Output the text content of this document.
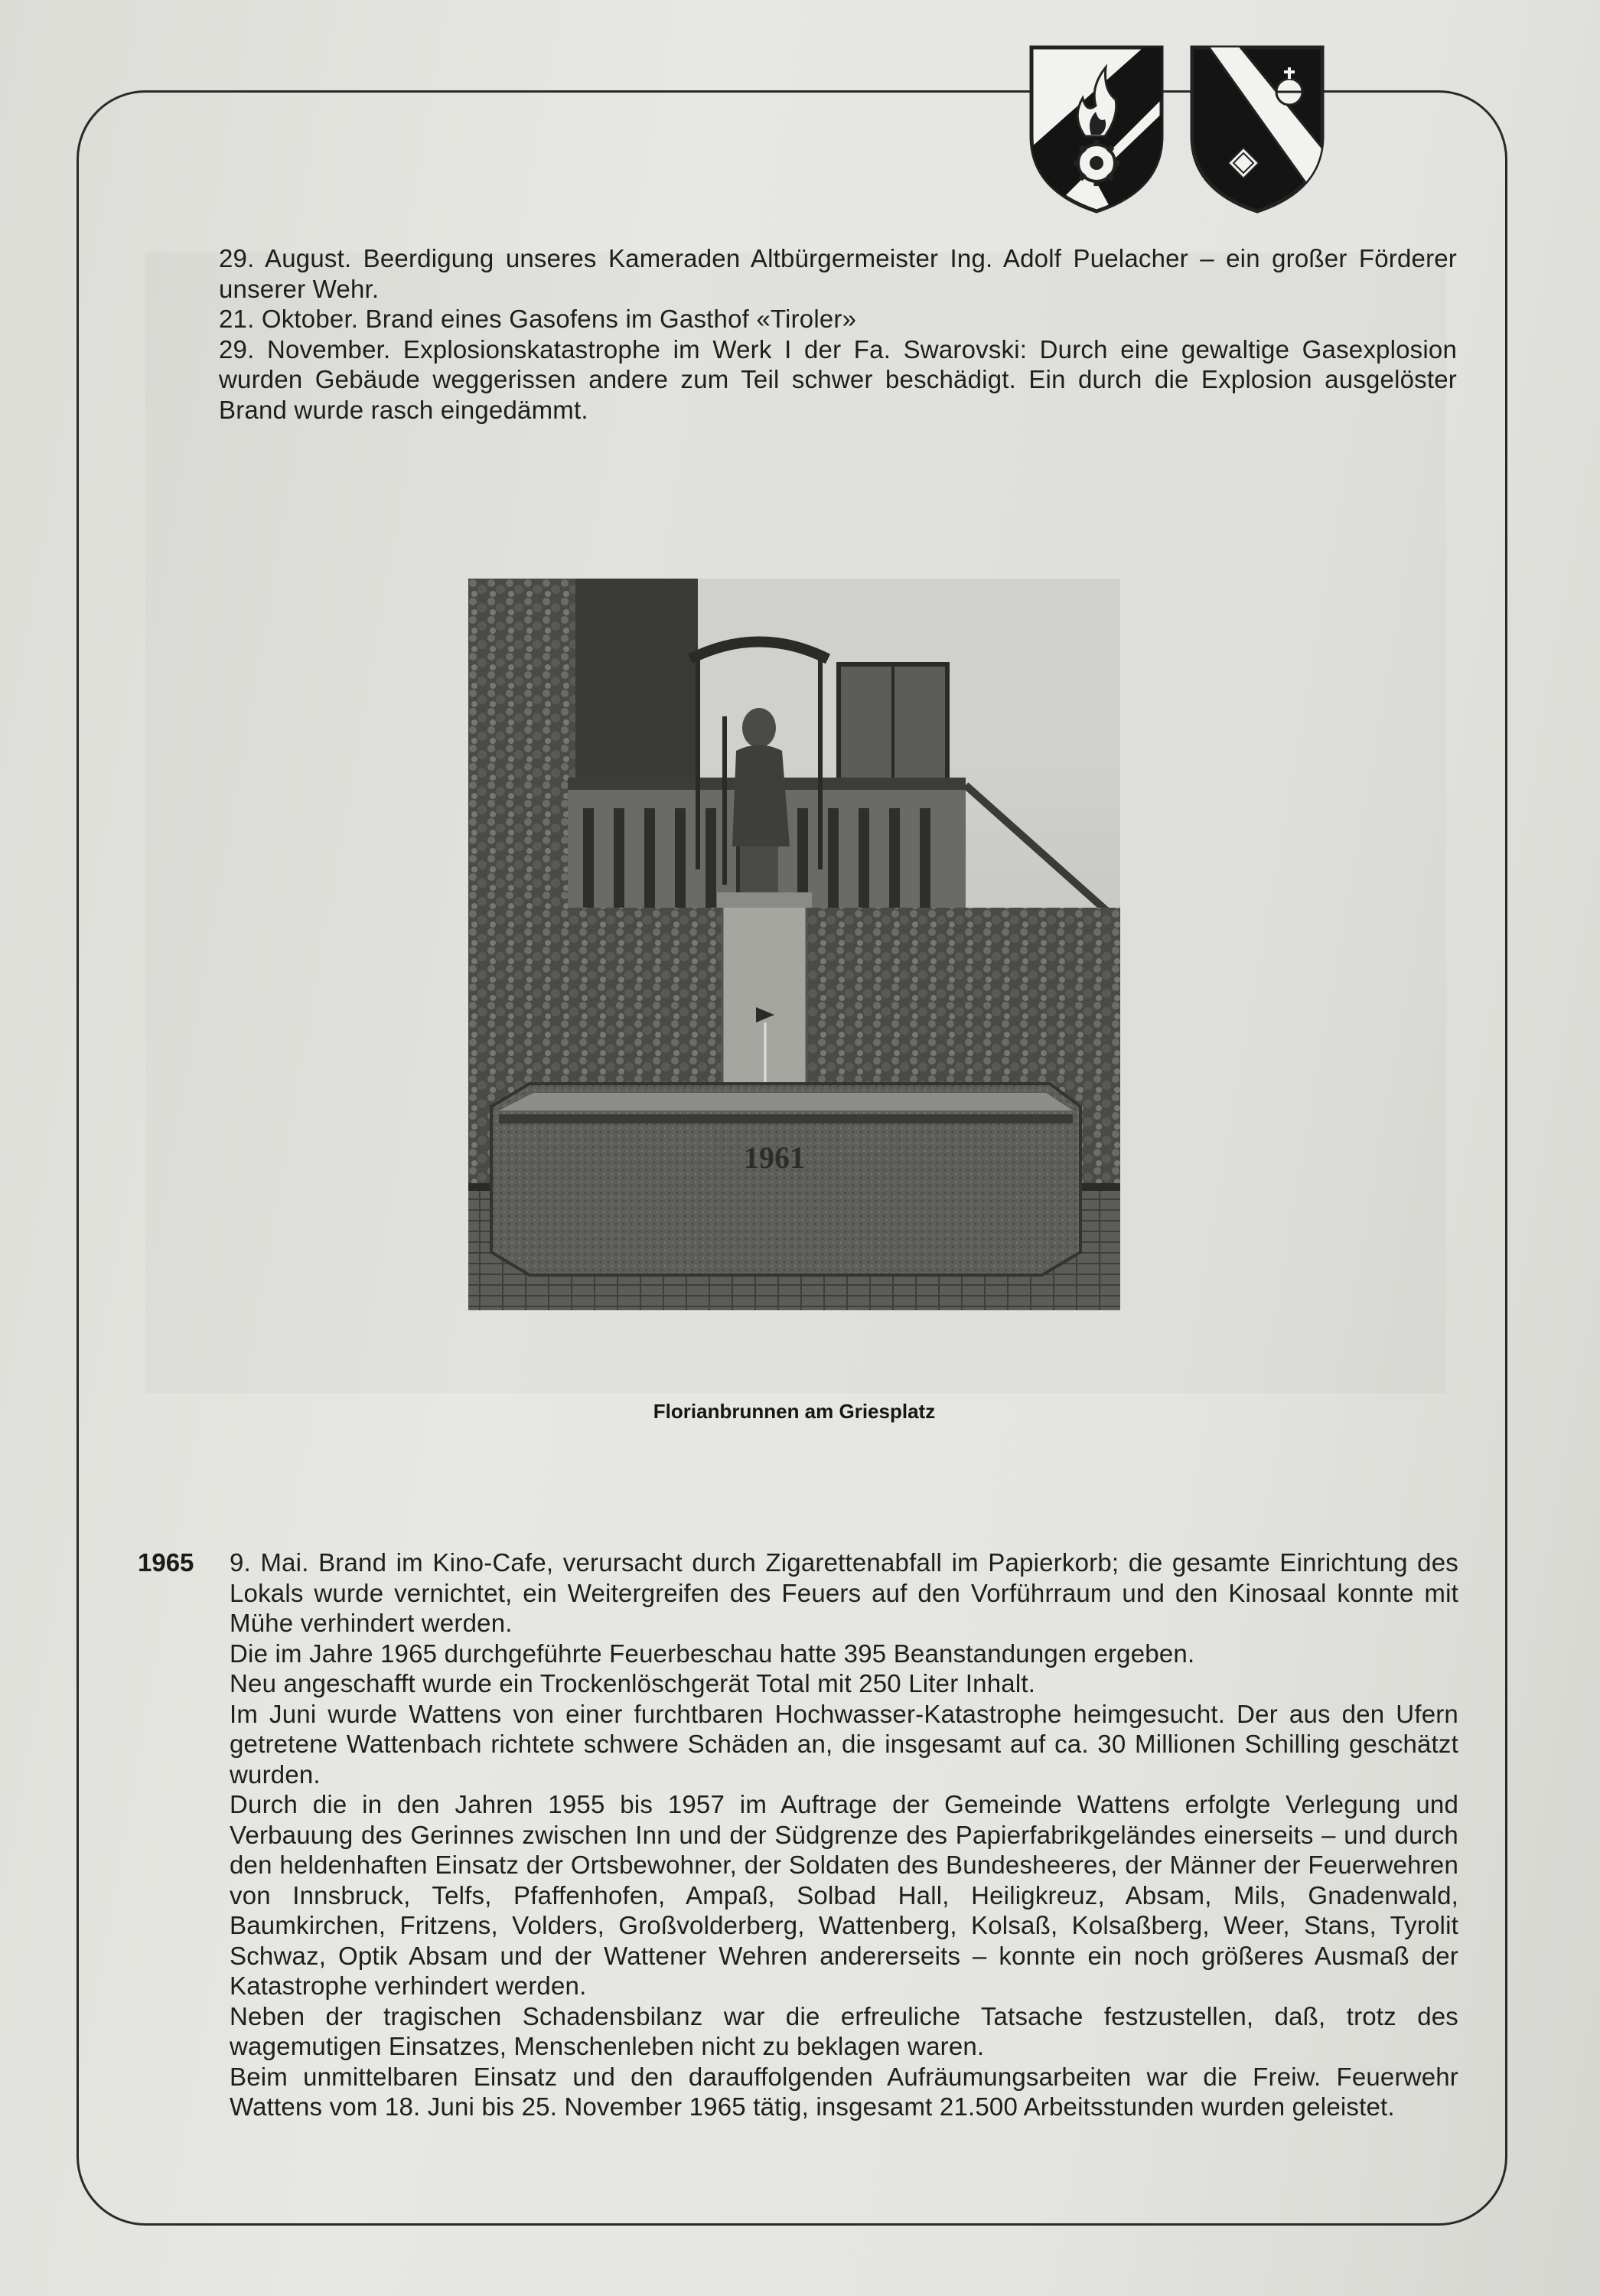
29. August. Beerdigung unseres Kameraden Altbürgermeister Ing. Adolf Puelacher – ein großer Förderer unserer Wehr.

21. Oktober. Brand eines Gasofens im Gasthof «Tiroler»

29. November. Explosionskatastrophe im Werk I der Fa. Swarovski: Durch eine gewaltige Gasexplosion wurden Gebäude weggerissen andere zum Teil schwer beschädigt. Ein durch die Explosion ausgelöster Brand wurde rasch eingedämmt.

1961
Florianbrunnen am Griesplatz
1965 9. Mai. Brand im Kino-Cafe, verursacht durch Zigarettenabfall im Papierkorb; die gesamte Einrichtung des Lokals wurde vernichtet, ein Weitergreifen des Feuers auf den Vorführraum und den Kinosaal konnte mit Mühe verhindert werden.

Die im Jahre 1965 durchgeführte Feuerbeschau hatte 395 Beanstandungen ergeben.

Neu angeschafft wurde ein Trockenlöschgerät Total mit 250 Liter Inhalt.

Im Juni wurde Wattens von einer furchtbaren Hochwasser-Katastrophe heimgesucht. Der aus den Ufern getretene Wattenbach richtete schwere Schäden an, die insgesamt auf ca. 30 Millionen Schilling geschätzt wurden.

Durch die in den Jahren 1955 bis 1957 im Auftrage der Gemeinde Wattens erfolgte Verlegung und Verbauung des Gerinnes zwischen Inn und der Südgrenze des Papierfabrikgeländes einerseits – und durch den heldenhaften Einsatz der Ortsbewohner, der Soldaten des Bundesheeres, der Männer der Feuerwehren von Innsbruck, Telfs, Pfaffenhofen, Ampaß, Solbad Hall, Heiligkreuz, Absam, Mils, Gnadenwald, Baumkirchen, Fritzens, Volders, Großvolderberg, Wattenberg, Kolsaß, Kolsaßberg, Weer, Stans, Tyrolit Schwaz, Optik Absam und der Wattener Wehren andererseits – konnte ein noch größeres Ausmaß der Katastrophe verhindert werden.

Neben der tragischen Schadensbilanz war die erfreuliche Tatsache festzustellen, daß, trotz des wagemutigen Einsatzes, Menschenleben nicht zu beklagen waren.

Beim unmittelbaren Einsatz und den darauffolgenden Aufräumungsarbeiten war die Freiw. Feuerwehr Wattens vom 18. Juni bis 25. November 1965 tätig, insgesamt 21.500 Arbeitsstunden wurden geleistet.
